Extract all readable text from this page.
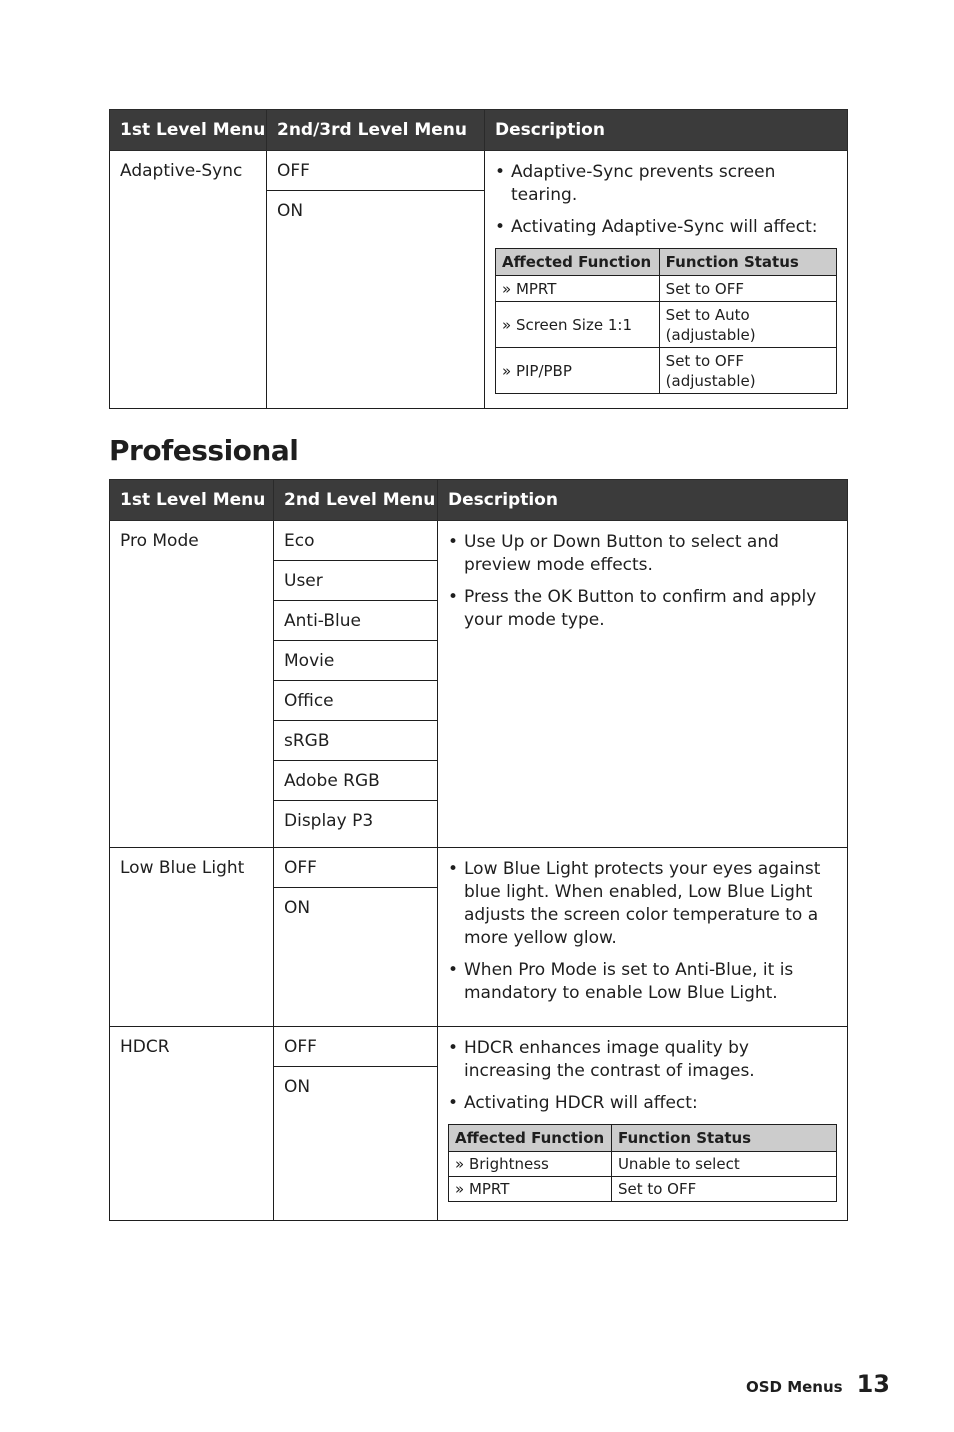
1st Level Menu	2nd/3rd Level Menu	Description
Adaptive-Sync	OFF
ON

• Adaptive-Sync prevents screen tearing.
• Activating Adaptive-Sync will affect:
Affected Function	Function Status
» MPRT	Set to OFF
» Screen Size 1:1	Set to Auto (adjustable)
» PIP/PBP	Set to OFF (adjustable)
Professional
1st Level Menu	2nd Level Menu	Description
Pro Mode	Eco
User
Anti-Blue
Movie
Office
sRGB
Adobe RGB
Display P3

• Use Up or Down Button to select and preview mode effects.
• Press the OK Button to confirm and apply your mode type.

Low Blue Light	OFF
ON

• Low Blue Light protects your eyes against blue light. When enabled, Low Blue Light adjusts the screen color temperature to a more yellow glow.
• When Pro Mode is set to Anti-Blue, it is mandatory to enable Low Blue Light.

HDCR	OFF
ON

• HDCR enhances image quality by increasing the contrast of images.
• Activating HDCR will affect:
Affected Function	Function Status
» Brightness	Unable to select
» MPRT	Set to OFF
OSD Menus 13
